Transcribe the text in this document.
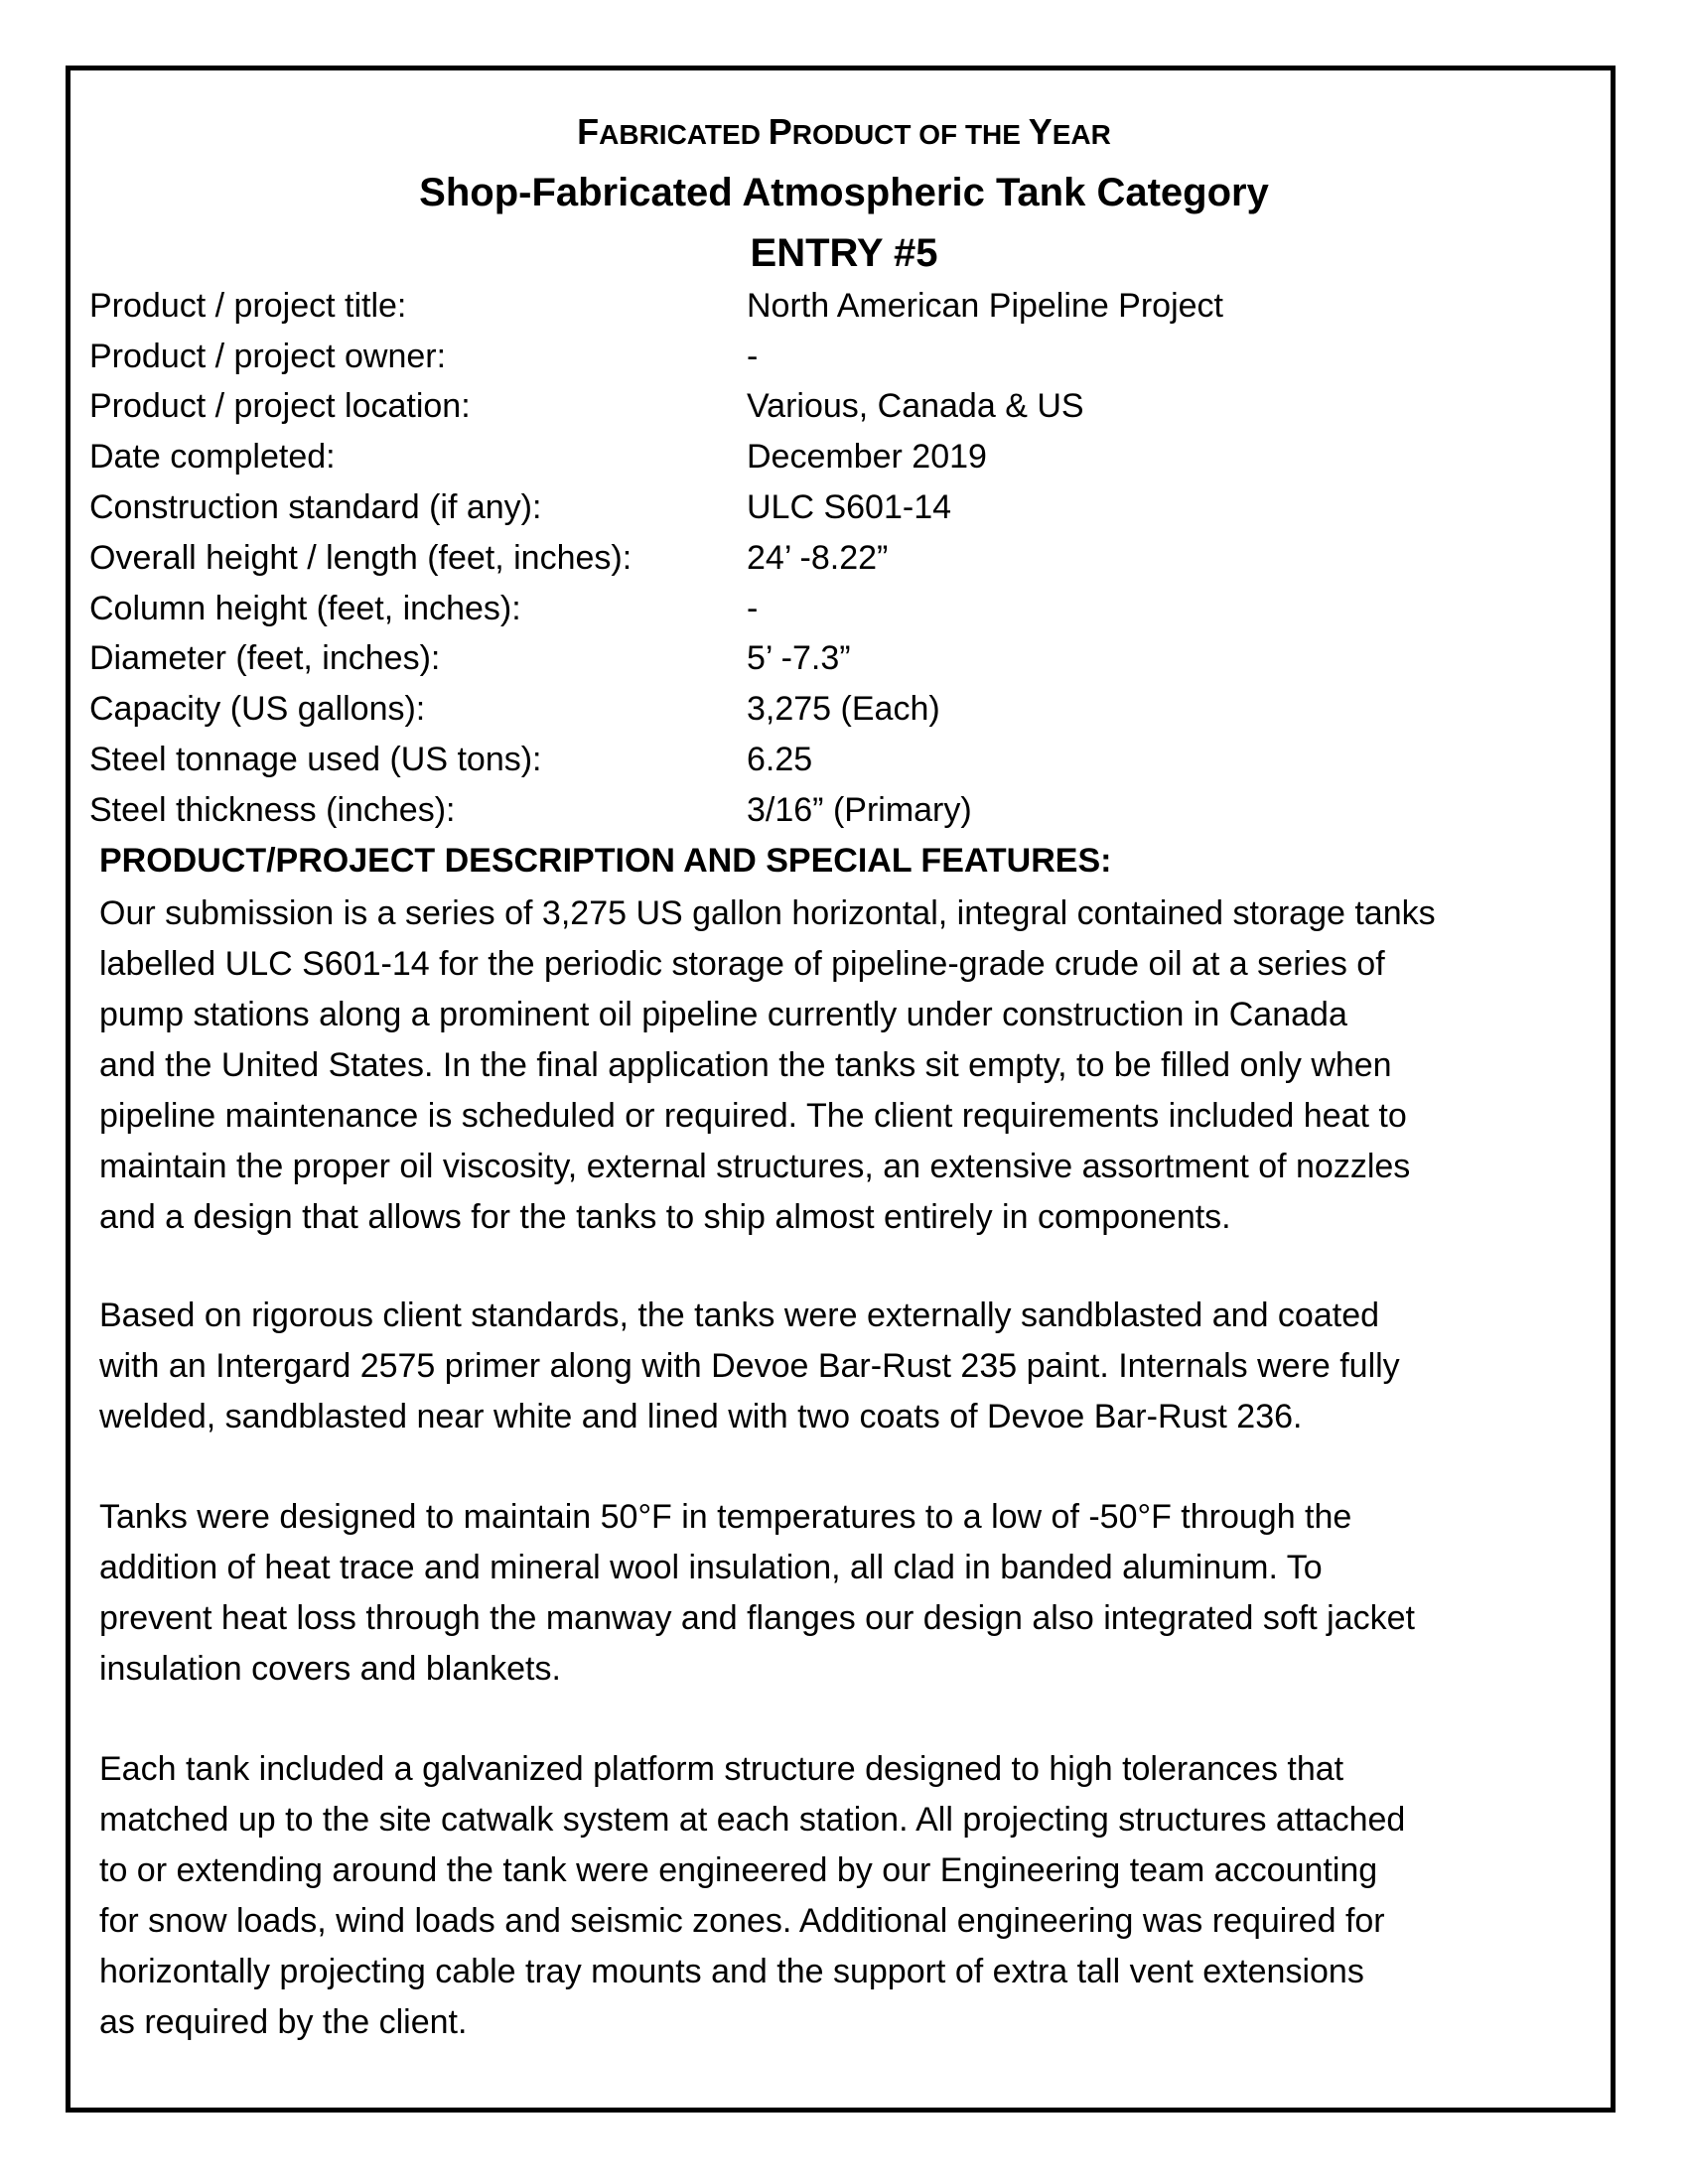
FABRICATED PRODUCT OF THE YEAR
Shop-Fabricated Atmospheric Tank Category
ENTRY #5
Product / project title:	North American Pipeline Project
Product / project owner:	-
Product / project location:	Various, Canada & US
Date completed:	December 2019
Construction standard (if any):	ULC S601-14
Overall height / length (feet, inches):	24’ -8.22”
Column height (feet, inches):	-
Diameter (feet, inches):	5’ -7.3”
Capacity (US gallons):	3,275 (Each)
Steel tonnage used (US tons):	6.25
Steel thickness (inches):	3/16” (Primary)
PRODUCT/PROJECT DESCRIPTION AND SPECIAL FEATURES:
Our submission is a series of 3,275 US gallon horizontal, integral contained storage tanks
labelled ULC S601-14 for the periodic storage of pipeline-grade crude oil at a series of
pump stations along a prominent oil pipeline currently under construction in Canada
and the United States. In the final application the tanks sit empty, to be filled only when
pipeline maintenance is scheduled or required. The client requirements included heat to
maintain the proper oil viscosity, external structures, an extensive assortment of nozzles
and a design that allows for the tanks to ship almost entirely in components.
Based on rigorous client standards, the tanks were externally sandblasted and coated
with an Intergard 2575 primer along with Devoe Bar-Rust 235 paint. Internals were fully
welded, sandblasted near white and lined with two coats of Devoe Bar-Rust 236.
Tanks were designed to maintain 50°F in temperatures to a low of -50°F through the
addition of heat trace and mineral wool insulation, all clad in banded aluminum. To
prevent heat loss through the manway and flanges our design also integrated soft jacket
insulation covers and blankets.
Each tank included a galvanized platform structure designed to high tolerances that
matched up to the site catwalk system at each station. All projecting structures attached
to or extending around the tank were engineered by our Engineering team accounting
for snow loads, wind loads and seismic zones. Additional engineering was required for
horizontally projecting cable tray mounts and the support of extra tall vent extensions
as required by the client.
